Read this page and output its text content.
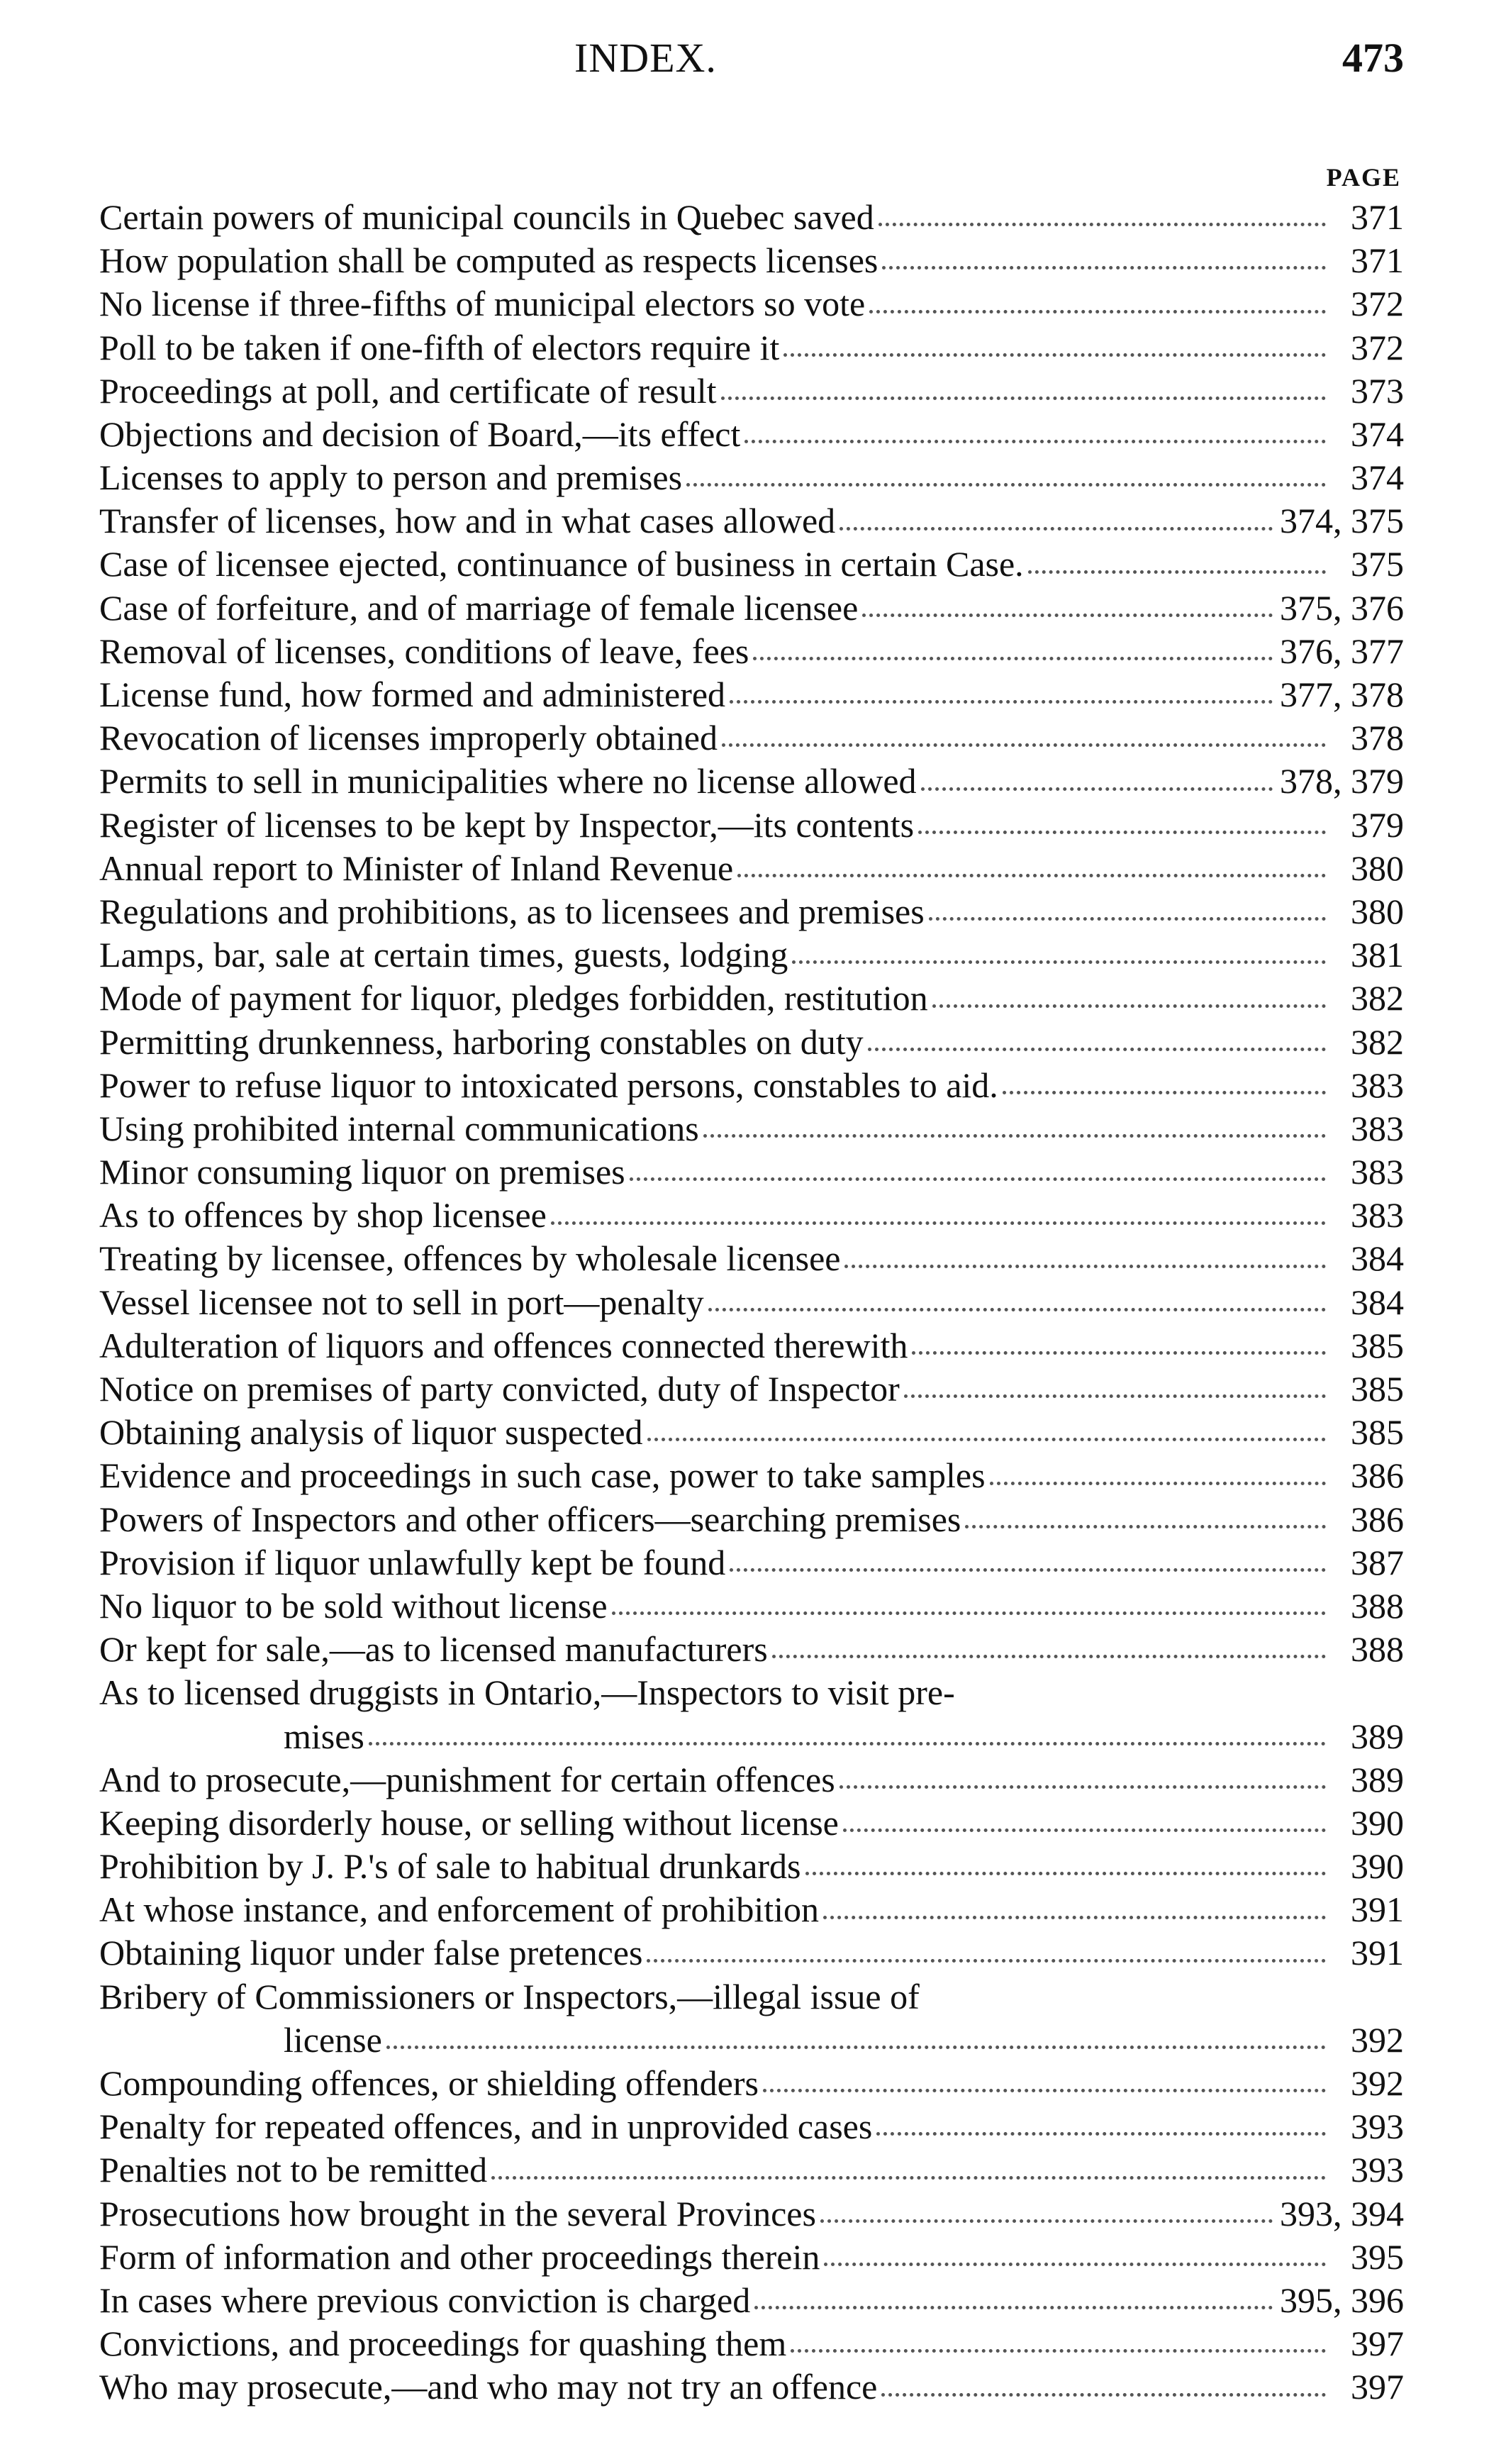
INDEX.	473
PAGE
Certain powers of municipal councils in Quebec saved	371
How population shall be computed as respects licenses	371
No license if three-fifths of municipal electors so vote	372
Poll to be taken if one-fifth of electors require it	372
Proceedings at poll, and certificate of result	373
Objections and decision of Board,—its effect	374
Licenses to apply to person and premises	374
Transfer of licenses, how and in what cases allowed	374, 375
Case of licensee ejected, continuance of business in certain Case.	375
Case of forfeiture, and of marriage of female licensee	375, 376
Removal of licenses, conditions of leave, fees	376, 377
License fund, how formed and administered	377, 378
Revocation of licenses improperly obtained	378
Permits to sell in municipalities where no license allowed	378, 379
Register of licenses to be kept by Inspector,—its contents	379
Annual report to Minister of Inland Revenue	380
Regulations and prohibitions, as to licensees and premises	380
Lamps, bar, sale at certain times, guests, lodging	381
Mode of payment for liquor, pledges forbidden, restitution	382
Permitting drunkenness, harboring constables on duty	382
Power to refuse liquor to intoxicated persons, constables to aid.	383
Using prohibited internal communications	383
Minor consuming liquor on premises	383
As to offences by shop licensee	383
Treating by licensee, offences by wholesale licensee	384
Vessel licensee not to sell in port—penalty	384
Adulteration of liquors and offences connected therewith	385
Notice on premises of party convicted, duty of Inspector	385
Obtaining analysis of liquor suspected	385
Evidence and proceedings in such case, power to take samples	386
Powers of Inspectors and other officers—searching premises	386
Provision if liquor unlawfully kept be found	387
No liquor to be sold without license	388
Or kept for sale,—as to licensed manufacturers	388
As to licensed druggists in Ontario,—Inspectors to visit pre-
mises	389
And to prosecute,—punishment for certain offences	389
Keeping disorderly house, or selling without license	390
Prohibition by J. P.'s of sale to habitual drunkards	390
At whose instance, and enforcement of prohibition	391
Obtaining liquor under false pretences	391
Bribery of Commissioners or Inspectors,—illegal issue of
license	392
Compounding offences, or shielding offenders	392
Penalty for repeated offences, and in unprovided cases	393
Penalties not to be remitted	393
Prosecutions how brought in the several Provinces	393, 394
Form of information and other proceedings therein	395
In cases where previous conviction is charged	395, 396
Convictions, and proceedings for quashing them	397
Who may prosecute,—and who may not try an offence	397
